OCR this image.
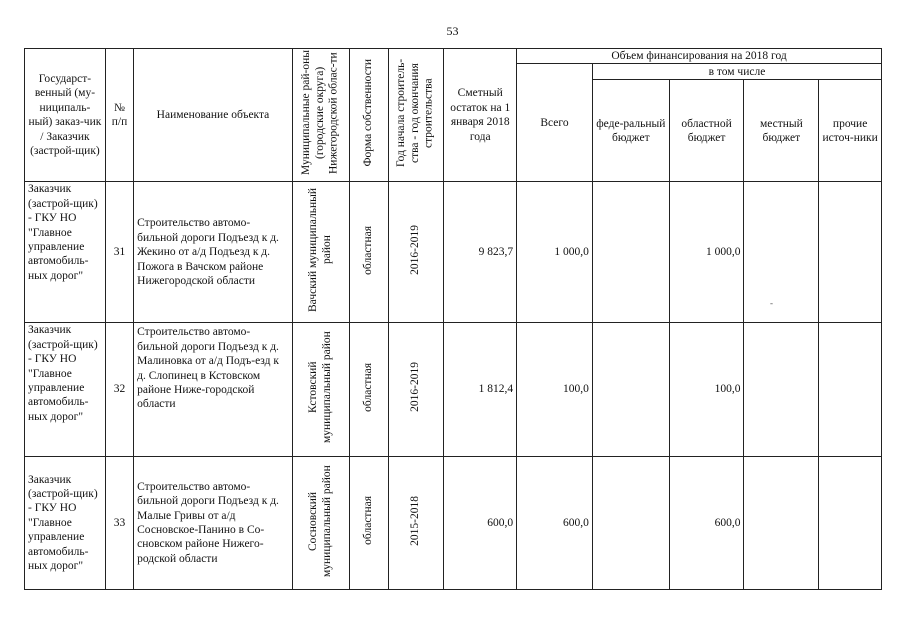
53
Государст-венный (му-ниципаль-ный) заказ-чик / Заказчик (застрой-щик)	№ п/п	Наименование объекта	Муниципальные рай-оны (городские округа) Нижегородской облас-ти	Форма собственности	Год начала строитель-ства - год окончания строительства	Сметный остаток на 1 января 2018 года	Объем финансирования на 2018 год				
							Всего	в том числе			
								феде-ральный бюджет	областной бюджет	местный бюджет	прочие источ-ники
Заказчик (застрой-щик) - ГКУ НО "Главное управление автомобиль-ных дорог"	31	Строительство автомо-бильной дороги Подъезд к д. Жекино от а/д Подъезд к д. Пожога в Вачском районе Нижегородской области	Вачский муниципальный район	областная	2016-2019	9 823,7	1 000,0		1 000,0		
Заказчик (застрой-щик) - ГКУ НО "Главное управление автомобиль-ных дорог"	32	Строительство автомо-бильной дороги Подъезд к д. Малиновка от а/д Подъ-езд к д. Слопинец в Кстовском районе Ниже-городской области	Кстовский муниципальный район	областная	2016-2019	1 812,4	100,0		100,0		
Заказчик (застрой-щик) - ГКУ НО "Главное управление автомобиль-ных дорог"	33	Строительство автомо-бильной дороги Подъезд к д. Малые Гривы от а/д Сосновское-Панино в Со-сновском районе Нижего-родской области	Сосновский муниципальный район	областная	2015-2018	600,0	600,0		600,0		
-
